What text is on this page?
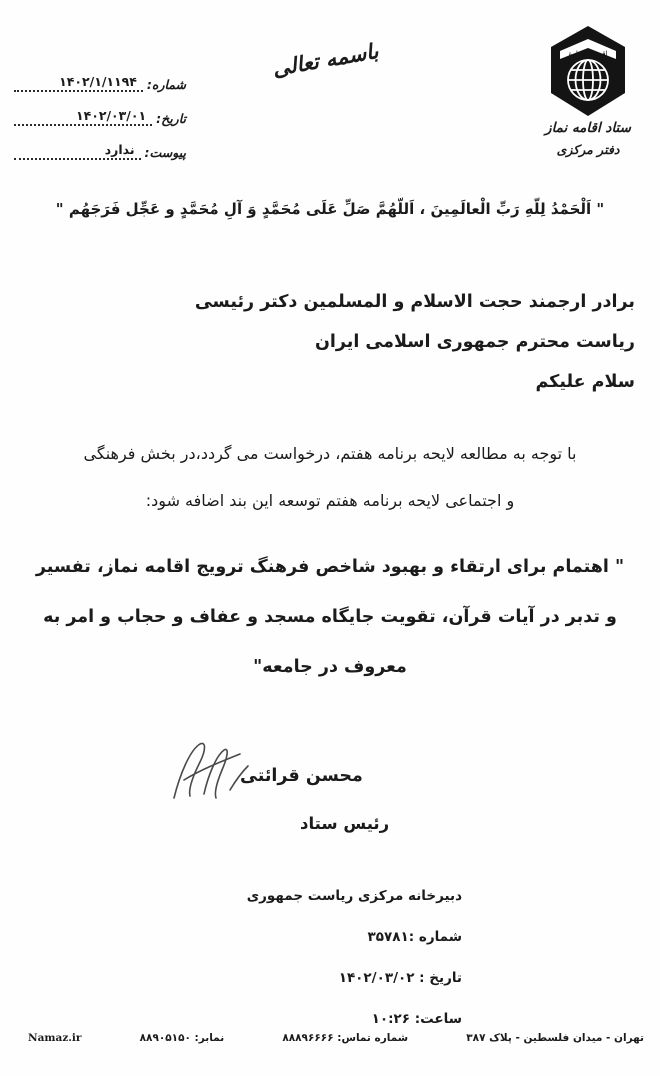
شماره:
۱۴۰۲/۱/۱۱۹۴
تاریخ:
۱۴۰۲/۰۳/۰۱
پیوست:
ندارد
باسمه تعالی	اقیموا الصلوة
ستاد اقامه نماز
دفتر مرکزی
" اَلْحَمْدُ لِلّهِ رَبِّ الْعالَمِينَ ، اَللّهُمَّ صَلِّ عَلَی مُحَمَّدٍ وَ آلِ مُحَمَّدٍ و عَجِّل فَرَجَهُم "
برادر ارجمند حجت الاسلام و المسلمین دکتر رئیسی
ریاست محترم جمهوری اسلامی ایران
سلام علیکم
با توجه به مطالعه لایحه برنامه هفتم، درخواست می گردد،در بخش فرهنگی
و اجتماعی لایحه برنامه هفتم توسعه این بند اضافه شود:
" اهتمام برای ارتقاء و بهبود شاخص فرهنگ ترویج اقامه نماز، تفسیر
و تدبر در آیات قرآن، تقویت جایگاه مسجد و عفاف و حجاب و امر به
معروف در جامعه"
محسن قرائتی
رئیس ستاد
دبیرخانه مرکزی ریاست جمهوری
شماره :۳۵۷۸۱
تاریخ : ۱۴۰۲/۰۳/۰۲
ساعت: ۱۰:۲۶
تهران - میدان فلسطین - پلاک ۳۸۷
شماره تماس: ۸۸۸۹۶۶۶۶
نمابر: ۸۸۹۰۵۱۵۰
Namaz.ir
